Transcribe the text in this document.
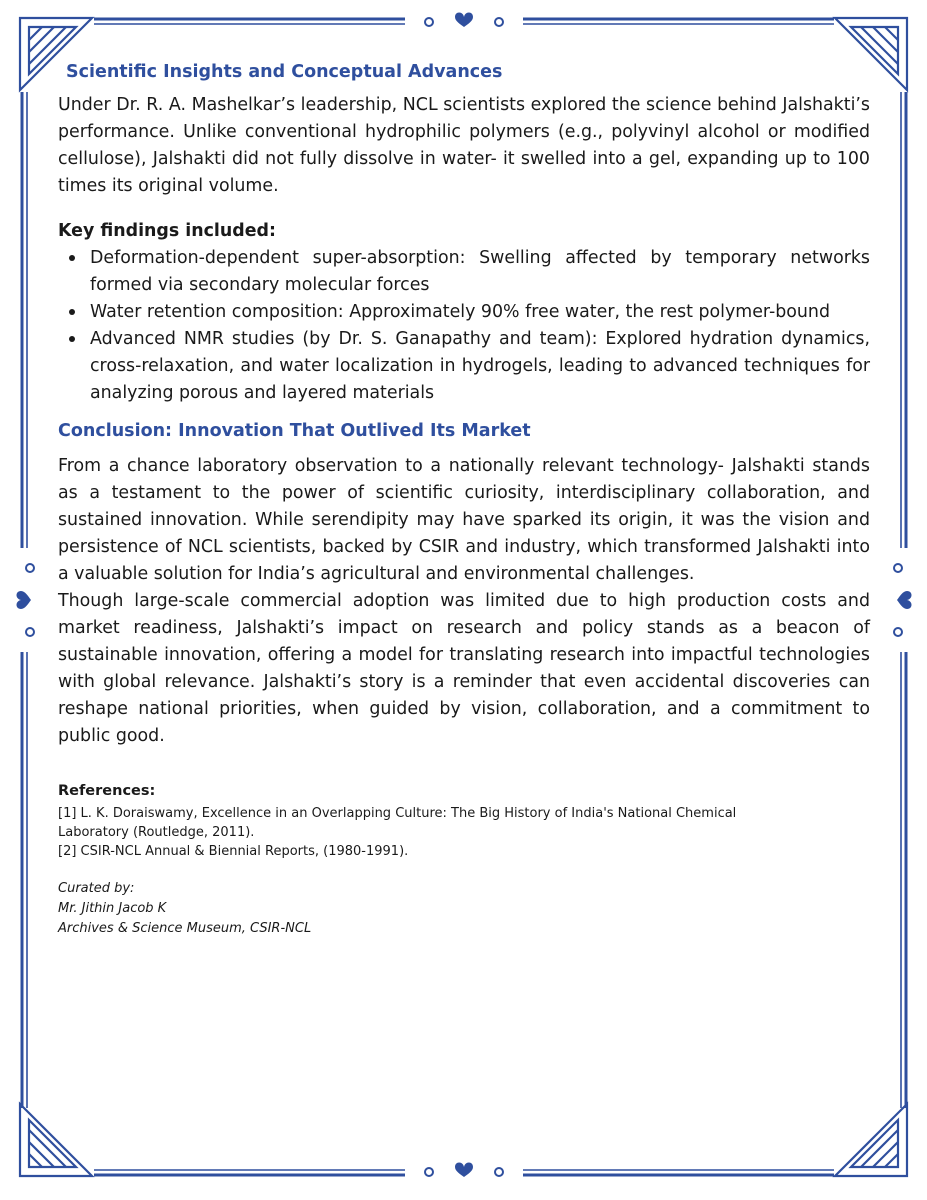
Scientific Insights and Conceptual Advances

Under Dr. R. A. Mashelkar’s leadership, NCL scientists explored the science behind Jalshakti’s performance. Unlike conventional hydrophilic polymers (e.g., polyvinyl alcohol or modified cellulose), Jalshakti did not fully dissolve in water- it swelled into a gel, expanding up to 100 times its original volume.

Key findings included:
Deformation-dependent super-absorption: Swelling affected by temporary networks formed via secondary molecular forces
Water retention composition: Approximately 90% free water, the rest polymer-bound
Advanced NMR studies (by Dr. S. Ganapathy and team): Explored hydration dynamics, cross-relaxation, and water localization in hydrogels, leading to advanced techniques for analyzing porous and layered materials
Conclusion: Innovation That Outlived Its Market

From a chance laboratory observation to a nationally relevant technology- Jalshakti stands as a testament to the power of scientific curiosity, interdisciplinary collaboration, and sustained innovation. While serendipity may have sparked its origin, it was the vision and persistence of NCL scientists, backed by CSIR and industry, which transformed Jalshakti into a valuable solution for India’s agricultural and environmental challenges.

Though large-scale commercial adoption was limited due to high production costs and market readiness, Jalshakti’s impact on research and policy stands as a beacon of sustainable innovation, offering a model for translating research into impactful technologies with global relevance. Jalshakti’s story is a reminder that even accidental discoveries can reshape national priorities, when guided by vision, collaboration, and a commitment to public good.

References:

[1] L. K. Doraiswamy, Excellence in an Overlapping Culture: The Big History of India's National Chemical Laboratory (Routledge, 2011).

[2] CSIR-NCL Annual & Biennial Reports, (1980-1991).

Curated by:

Mr. Jithin Jacob K

Archives & Science Museum, CSIR-NCL
